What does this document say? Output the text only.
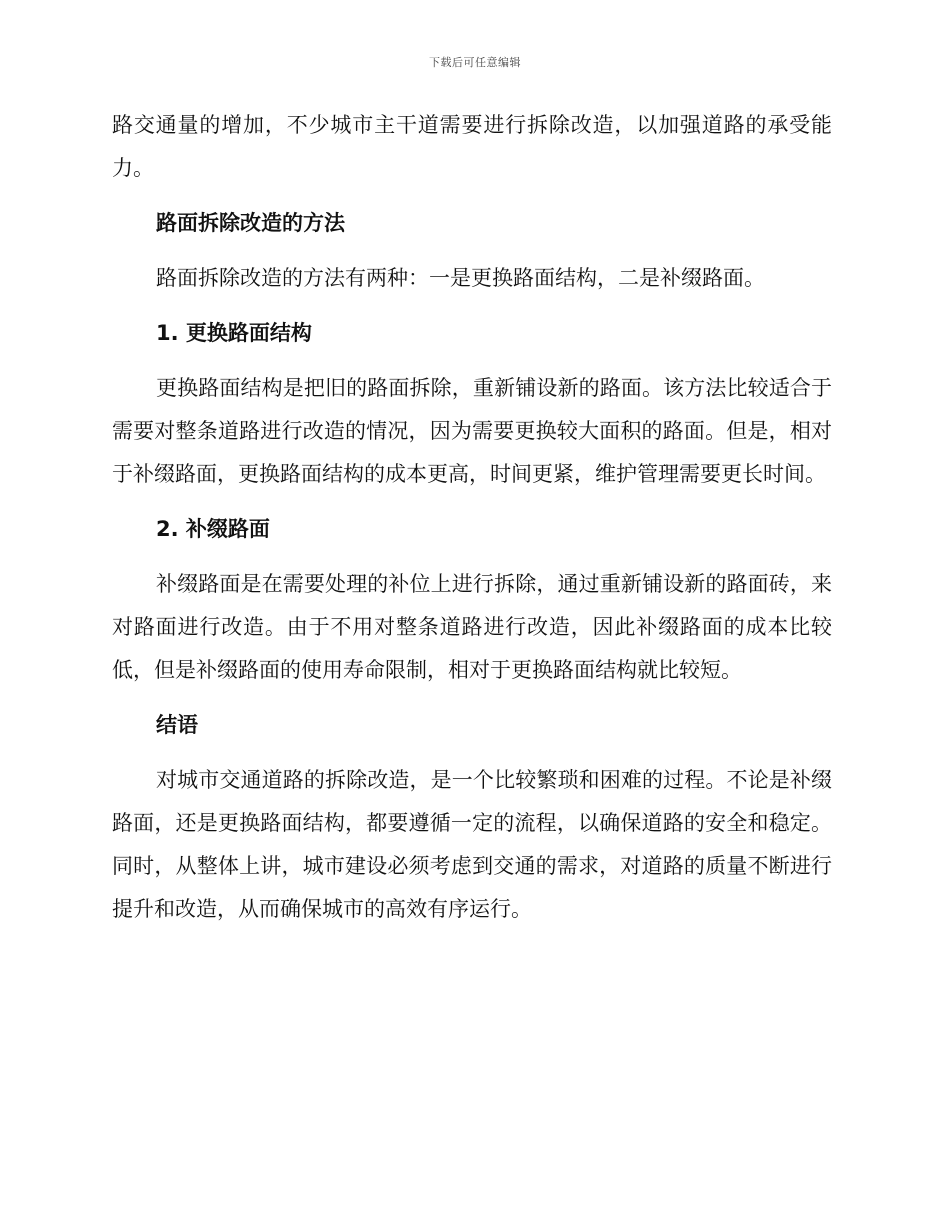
下载后可任意编辑

路交通量的增加，不少城市主干道需要进行拆除改造，以加强道路的承受能力。

路面拆除改造的方法

路面拆除改造的方法有两种：一是更换路面结构，二是补缀路面。

1. 更换路面结构

更换路面结构是把旧的路面拆除，重新铺设新的路面。该方法比较适合于需要对整条道路进行改造的情况，因为需要更换较大面积的路面。但是，相对于补缀路面，更换路面结构的成本更高，时间更紧，维护管理需要更长时间。

2. 补缀路面

补缀路面是在需要处理的补位上进行拆除，通过重新铺设新的路面砖，来对路面进行改造。由于不用对整条道路进行改造，因此补缀路面的成本比较低，但是补缀路面的使用寿命限制，相对于更换路面结构就比较短。

结语

对城市交通道路的拆除改造，是一个比较繁琐和困难的过程。不论是补缀路面，还是更换路面结构，都要遵循一定的流程，以确保道路的安全和稳定。同时，从整体上讲，城市建设必须考虑到交通的需求，对道路的质量不断进行提升和改造，从而确保城市的高效有序运行。
